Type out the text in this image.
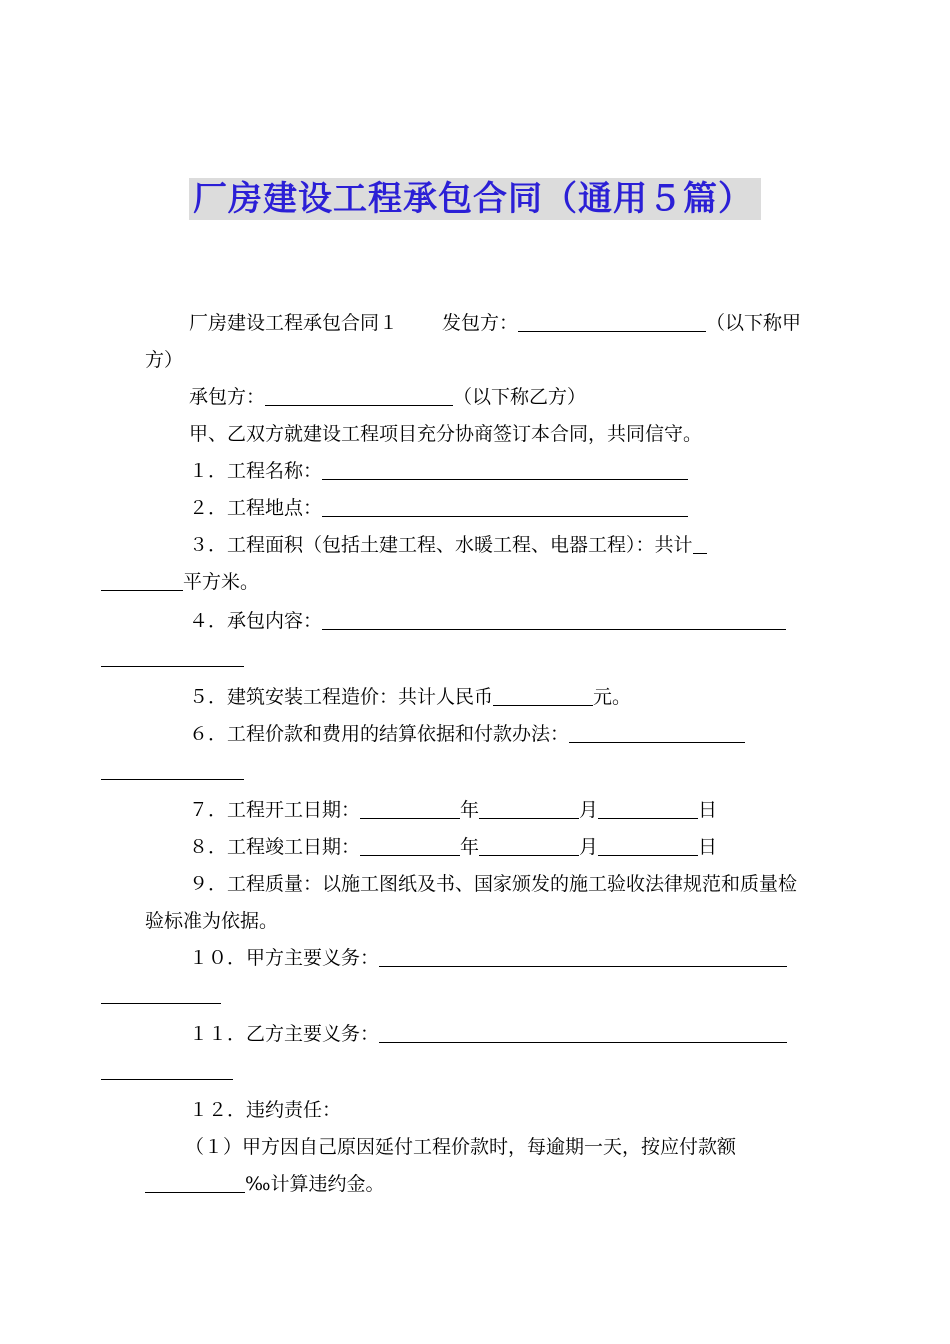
厂房建设工程承包合同（通用５篇）

厂房建设工程承包合同１ 发包方：	（以下称甲方）

承包方：	（以下称乙方）

甲、乙双方就建设工程项目充分协商签订本合同，共同信守。

１．工程名称：

２．工程地点：

３．工程面积（包括土建工程、水暖工程、电器工程）：共计
平方米。

４．承包内容：

５．建筑安装工程造价：共计人民币	元。

６．工程价款和费用的结算依据和付款办法：

７．工程开工日期：	年	月	日

８．工程竣工日期：	年	月	日

９．工程质量：以施工图纸及书、国家颁发的施工验收法律规范和质量检验标准为依据。

１０．甲方主要义务：

１１．乙方主要义务：

１２．违约责任：

（１）甲方因自己原因延付工程价款时，每逾期一天，按应付款额‰计算违约金。
